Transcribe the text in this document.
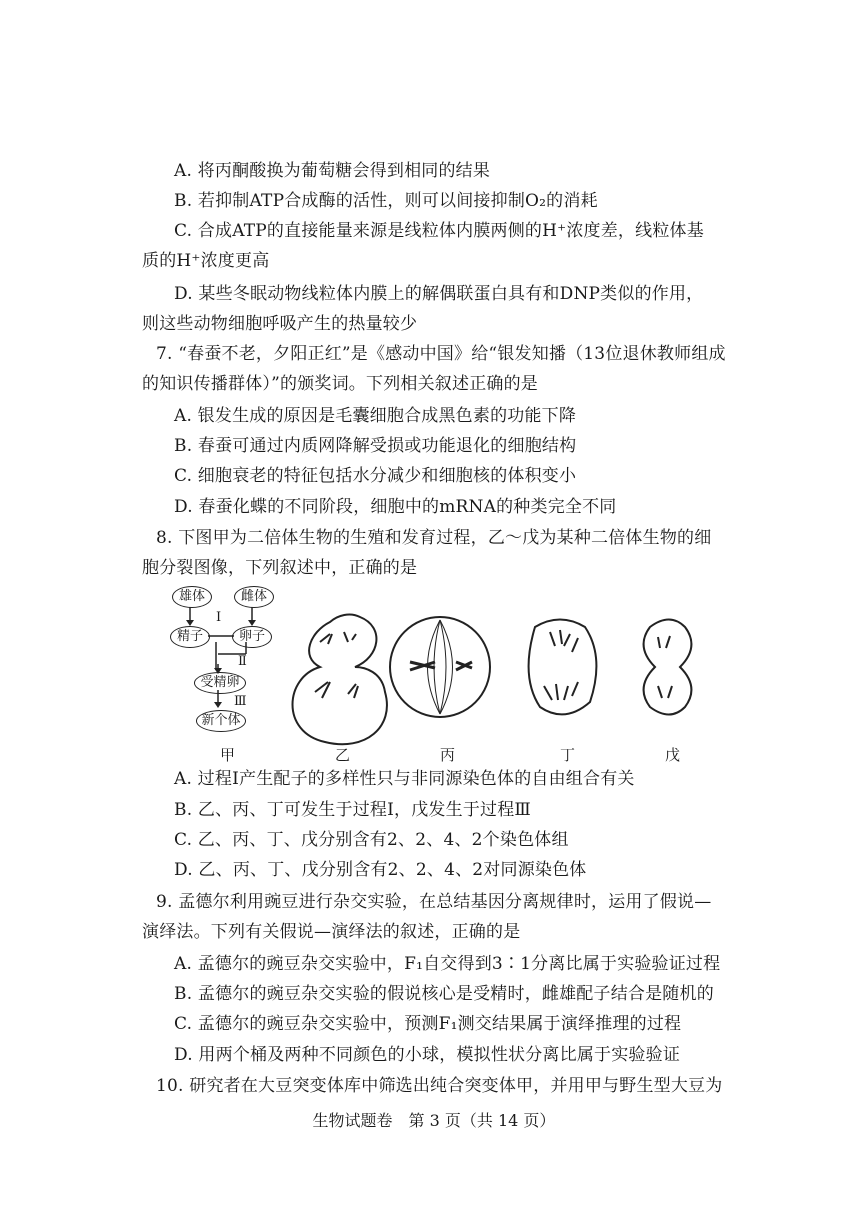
A. 将丙酮酸换为葡萄糖会得到相同的结果
B. 若抑制ATP合成酶的活性，则可以间接抑制O₂的消耗
C. 合成ATP的直接能量来源是线粒体内膜两侧的H⁺浓度差，线粒体基
质的H⁺浓度更高
D. 某些冬眠动物线粒体内膜上的解偶联蛋白具有和DNP类似的作用，
则这些动物细胞呼吸产生的热量较少
7. “春蚕不老，夕阳正红”是《感动中国》给“银发知播（13位退休教师组成
的知识传播群体）”的颁奖词。下列相关叙述正确的是
A. 银发生成的原因是毛囊细胞合成黑色素的功能下降
B. 春蚕可通过内质网降解受损或功能退化的细胞结构
C. 细胞衰老的特征包括水分减少和细胞核的体积变小
D. 春蚕化蝶的不同阶段，细胞中的mRNA的种类完全不同
8. 下图甲为二倍体生物的生殖和发育过程，乙～戊为某种二倍体生物的细
胞分裂图像，下列叙述中，正确的是
雄体	雌体
Ⅰ
精子	卵子
Ⅱ
受精卵
Ⅲ
新个体
甲	乙	丙	丁	戊
A. 过程Ⅰ产生配子的多样性只与非同源染色体的自由组合有关
B. 乙、丙、丁可发生于过程Ⅰ，戊发生于过程Ⅲ
C. 乙、丙、丁、戊分别含有2、2、4、2个染色体组
D. 乙、丙、丁、戊分别含有2、2、4、2对同源染色体
9. 孟德尔利用豌豆进行杂交实验，在总结基因分离规律时，运用了假说—
演绎法。下列有关假说—演绎法的叙述，正确的是
A. 孟德尔的豌豆杂交实验中，F₁自交得到3∶1分离比属于实验验证过程
B. 孟德尔的豌豆杂交实验的假说核心是受精时，雌雄配子结合是随机的
C. 孟德尔的豌豆杂交实验中，预测F₁测交结果属于演绎推理的过程
D. 用两个桶及两种不同颜色的小球，模拟性状分离比属于实验验证
10. 研究者在大豆突变体库中筛选出纯合突变体甲，并用甲与野生型大豆为
生物试题卷　第 3 页（共 14 页）
